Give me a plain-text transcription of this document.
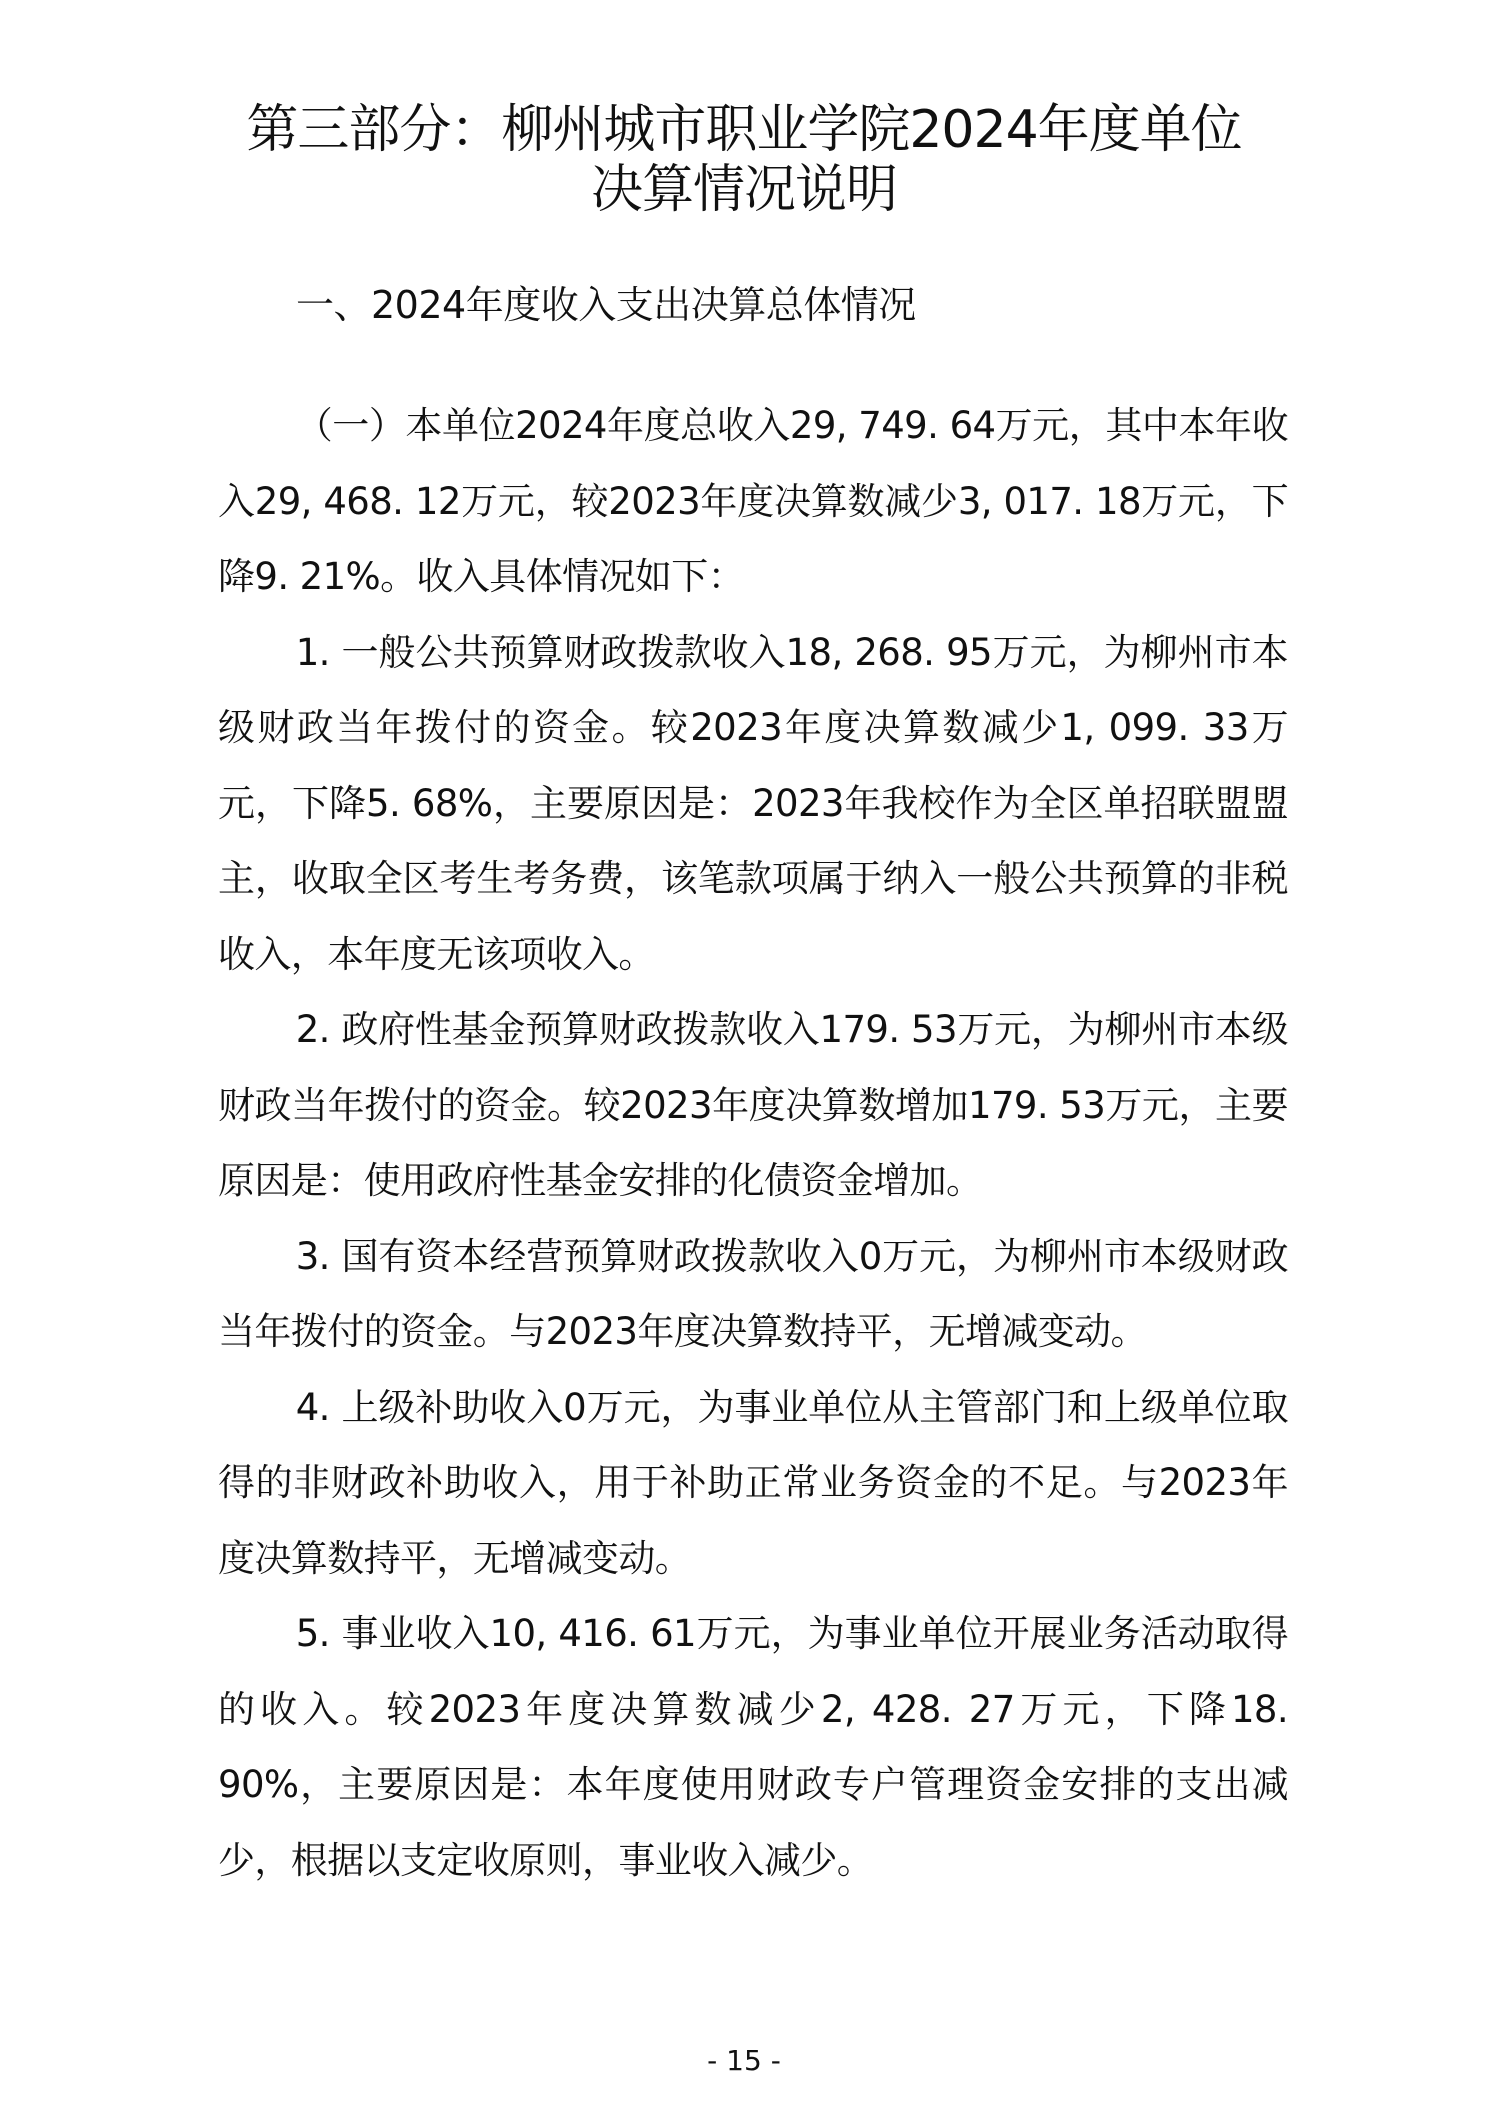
第三部分：柳州城市职业学院2024年度单位
决算情况说明
一、2024年度收入支出决算总体情况

（一）本单位2024年度总收入29, 749. 64万元，其中本年收入29, 468. 12万元，较2023年度决算数减少3, 017. 18万元，下降9. 21%。收入具体情况如下：

1. 一般公共预算财政拨款收入18, 268. 95万元，为柳州市本级财政当年拨付的资金。较2023年度决算数减少1, 099. 33万元，下降5. 68%，主要原因是：2023年我校作为全区单招联盟盟主，收取全区考生考务费，该笔款项属于纳入一般公共预算的非税收入，本年度无该项收入。

2. 政府性基金预算财政拨款收入179. 53万元，为柳州市本级财政当年拨付的资金。较2023年度决算数增加179. 53万元，主要原因是：使用政府性基金安排的化债资金增加。

3. 国有资本经营预算财政拨款收入0万元，为柳州市本级财政当年拨付的资金。与2023年度决算数持平，无增减变动。

4. 上级补助收入0万元，为事业单位从主管部门和上级单位取得的非财政补助收入，用于补助正常业务资金的不足。与2023年度决算数持平，无增减变动。

5. 事业收入10, 416. 61万元，为事业单位开展业务活动取得的收入。较2023年度决算数减少2, 428. 27万元，下降18. 90%，主要原因是：本年度使用财政专户管理资金安排的支出减少，根据以支定收原则，事业收入减少。

- 15 -
